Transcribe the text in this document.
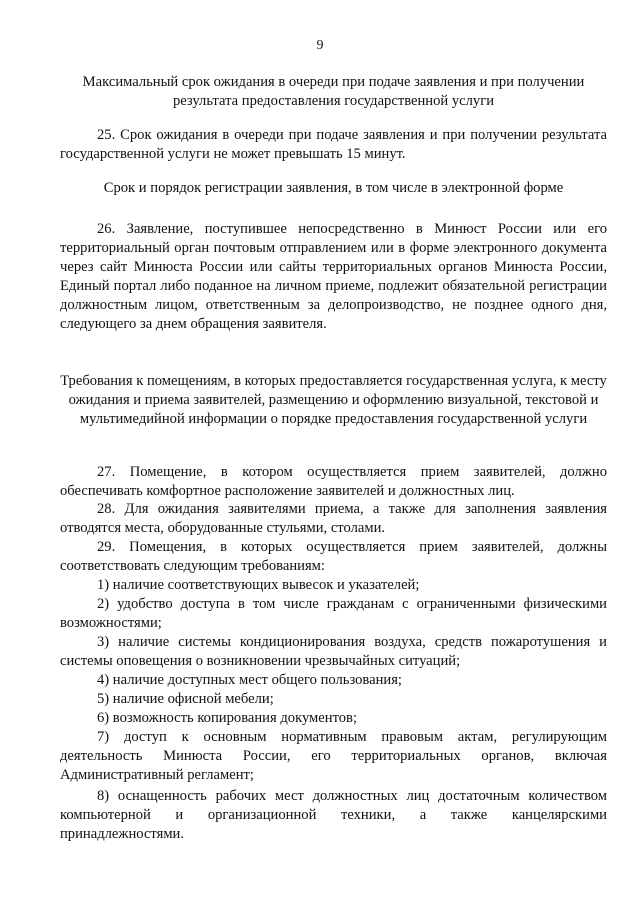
9
Максимальный срок ожидания в очереди при подаче заявления и при получении результата предоставления государственной услуги

25. Срок ожидания в очереди при подаче заявления и при получении результата государственной услуги не может превышать 15 минут.

Срок и порядок регистрации заявления, в том числе в электронной форме

26. Заявление, поступившее непосредственно в Минюст России или его территориальный орган почтовым отправлением или в форме электронного документа через сайт Минюста России или сайты территориальных органов Минюста России, Единый портал либо поданное на личном приеме, подлежит обязательной регистрации должностным лицом, ответственным за делопроизводство, не позднее одного дня, следующего за днем обращения заявителя.

Требования к помещениям, в которых предоставляется государственная услуга, к месту ожидания и приема заявителей, размещению и оформлению визуальной, текстовой и мультимедийной информации о порядке предоставления государственной услуги

27. Помещение, в котором осуществляется прием заявителей, должно обеспечивать комфортное расположение заявителей и должностных лиц.

28. Для ожидания заявителями приема, а также для заполнения заявления отводятся места, оборудованные стульями, столами.

29. Помещения, в которых осуществляется прием заявителей, должны соответствовать следующим требованиям:

1) наличие соответствующих вывесок и указателей;

2) удобство доступа в том числе гражданам с ограниченными физическими возможностями;

3) наличие системы кондиционирования воздуха, средств пожаротушения и системы оповещения о возникновении чрезвычайных ситуаций;

4) наличие доступных мест общего пользования;

5) наличие офисной мебели;

6) возможность копирования документов;

7) доступ к основным нормативным правовым актам, регулирующим деятельность Минюста России, его территориальных органов, включая Административный регламент;

8) оснащенность рабочих мест должностных лиц достаточным количеством компьютерной и организационной техники, а также канцелярскими принадлежностями.
